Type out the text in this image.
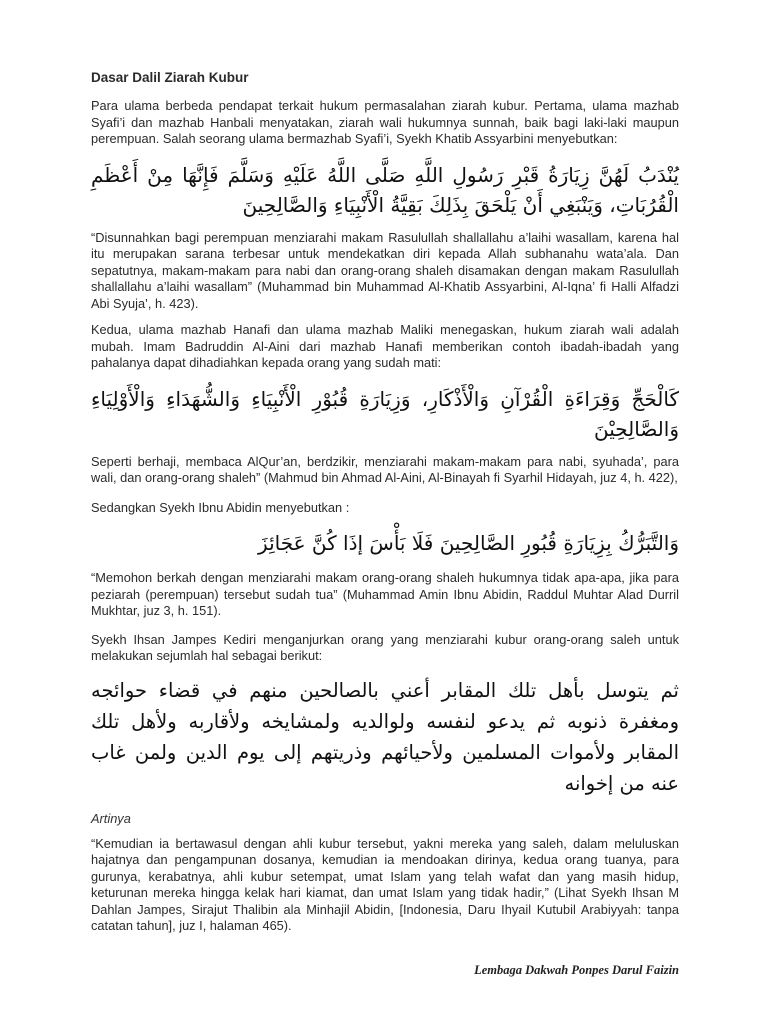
Dasar Dalil Ziarah Kubur

Para ulama berbeda pendapat terkait hukum permasalahan ziarah kubur. Pertama, ulama mazhab Syafi’i dan mazhab Hanbali menyatakan, ziarah wali hukumnya sunnah, baik bagi laki-laki maupun perempuan. Salah seorang ulama bermazhab Syafi’i, Syekh Khatib Assyarbini menyebutkan:

يُنْدَبُ لَهُنَّ زِيَارَةُ قَبْرِ رَسُولِ اللَّهِ صَلَّى اللَّهُ عَلَيْهِ وَسَلَّمَ فَإِنَّهَا مِنْ أَعْظَمِ الْقُرُبَاتِ، وَيَنْبَغِي أَنْ يَلْحَقَ بِذَلِكَ بَقِيَّةُ الْأَنْبِيَاءِ وَالصَّالِحِينَ

“Disunnahkan bagi perempuan menziarahi makam Rasulullah shallallahu a’laihi wasallam, karena hal itu merupakan sarana terbesar untuk mendekatkan diri kepada Allah subhanahu wata’ala. Dan sepatutnya, makam-makam para nabi dan orang-orang shaleh disamakan dengan makam Rasulullah shallallahu a’laihi wasallam” (Muhammad bin Muhammad Al-Khatib Assyarbini, Al-Iqna’ fi Halli Alfadzi Abi Syuja’, h. 423).

Kedua, ulama mazhab Hanafi dan ulama mazhab Maliki menegaskan, hukum ziarah wali adalah mubah. Imam Badruddin Al-Aini dari mazhab Hanafi memberikan contoh ibadah-ibadah yang pahalanya dapat dihadiahkan kepada orang yang sudah mati:

كَالْحَجِّ وَقِرَاءَةِ الْقُرْآنِ وَالْأَذْكَارِ، وَزِيَارَةِ قُبُوْرِ الْأَنْبِيَاءِ وَالشُّهَدَاءِ وَالْأَوْلِيَاءِ وَالصَّالِحِيْنَ

Seperti berhaji, membaca AlQur’an, berdzikir, menziarahi makam-makam para nabi, syuhada’, para wali, dan orang-orang shaleh” (Mahmud bin Ahmad Al-Aini, Al-Binayah fi Syarhil Hidayah, juz 4, h. 422),

Sedangkan Syekh Ibnu Abidin menyebutkan :

وَالتَّبَرُّكُ بِزِيَارَةِ قُبُورِ الصَّالِحِينَ فَلَا بَأْسَ إذَا كُنَّ عَجَائِزَ

“Memohon berkah dengan menziarahi makam orang-orang shaleh hukumnya tidak apa-apa, jika para peziarah (perempuan) tersebut sudah tua” (Muhammad Amin Ibnu Abidin, Raddul Muhtar Alad Durril Mukhtar, juz 3, h. 151).

Syekh Ihsan Jampes Kediri menganjurkan orang yang menziarahi kubur orang-orang saleh untuk melakukan sejumlah hal sebagai berikut:

ثم يتوسل بأهل تلك المقابر أعني بالصالحين منهم في قضاء حوائجه ومغفرة ذنوبه ثم يدعو لنفسه ولوالديه ولمشايخه ولأقاربه ولأهل تلك المقابر ولأموات المسلمين ولأحيائهم وذريتهم إلى يوم الدين ولمن غاب عنه من إخوانه

Artinya

“Kemudian ia bertawasul dengan ahli kubur tersebut, yakni mereka yang saleh, dalam meluluskan hajatnya dan pengampunan dosanya, kemudian ia mendoakan dirinya, kedua orang tuanya, para gurunya, kerabatnya, ahli kubur setempat, umat Islam yang telah wafat dan yang masih hidup, keturunan mereka hingga kelak hari kiamat, dan umat Islam yang tidak hadir,” (Lihat Syekh Ihsan M Dahlan Jampes, Sirajut Thalibin ala Minhajil Abidin, [Indonesia, Daru Ihyail Kutubil Arabiyyah: tanpa catatan tahun], juz I, halaman 465).

Lembaga Dakwah Ponpes Darul Faizin
